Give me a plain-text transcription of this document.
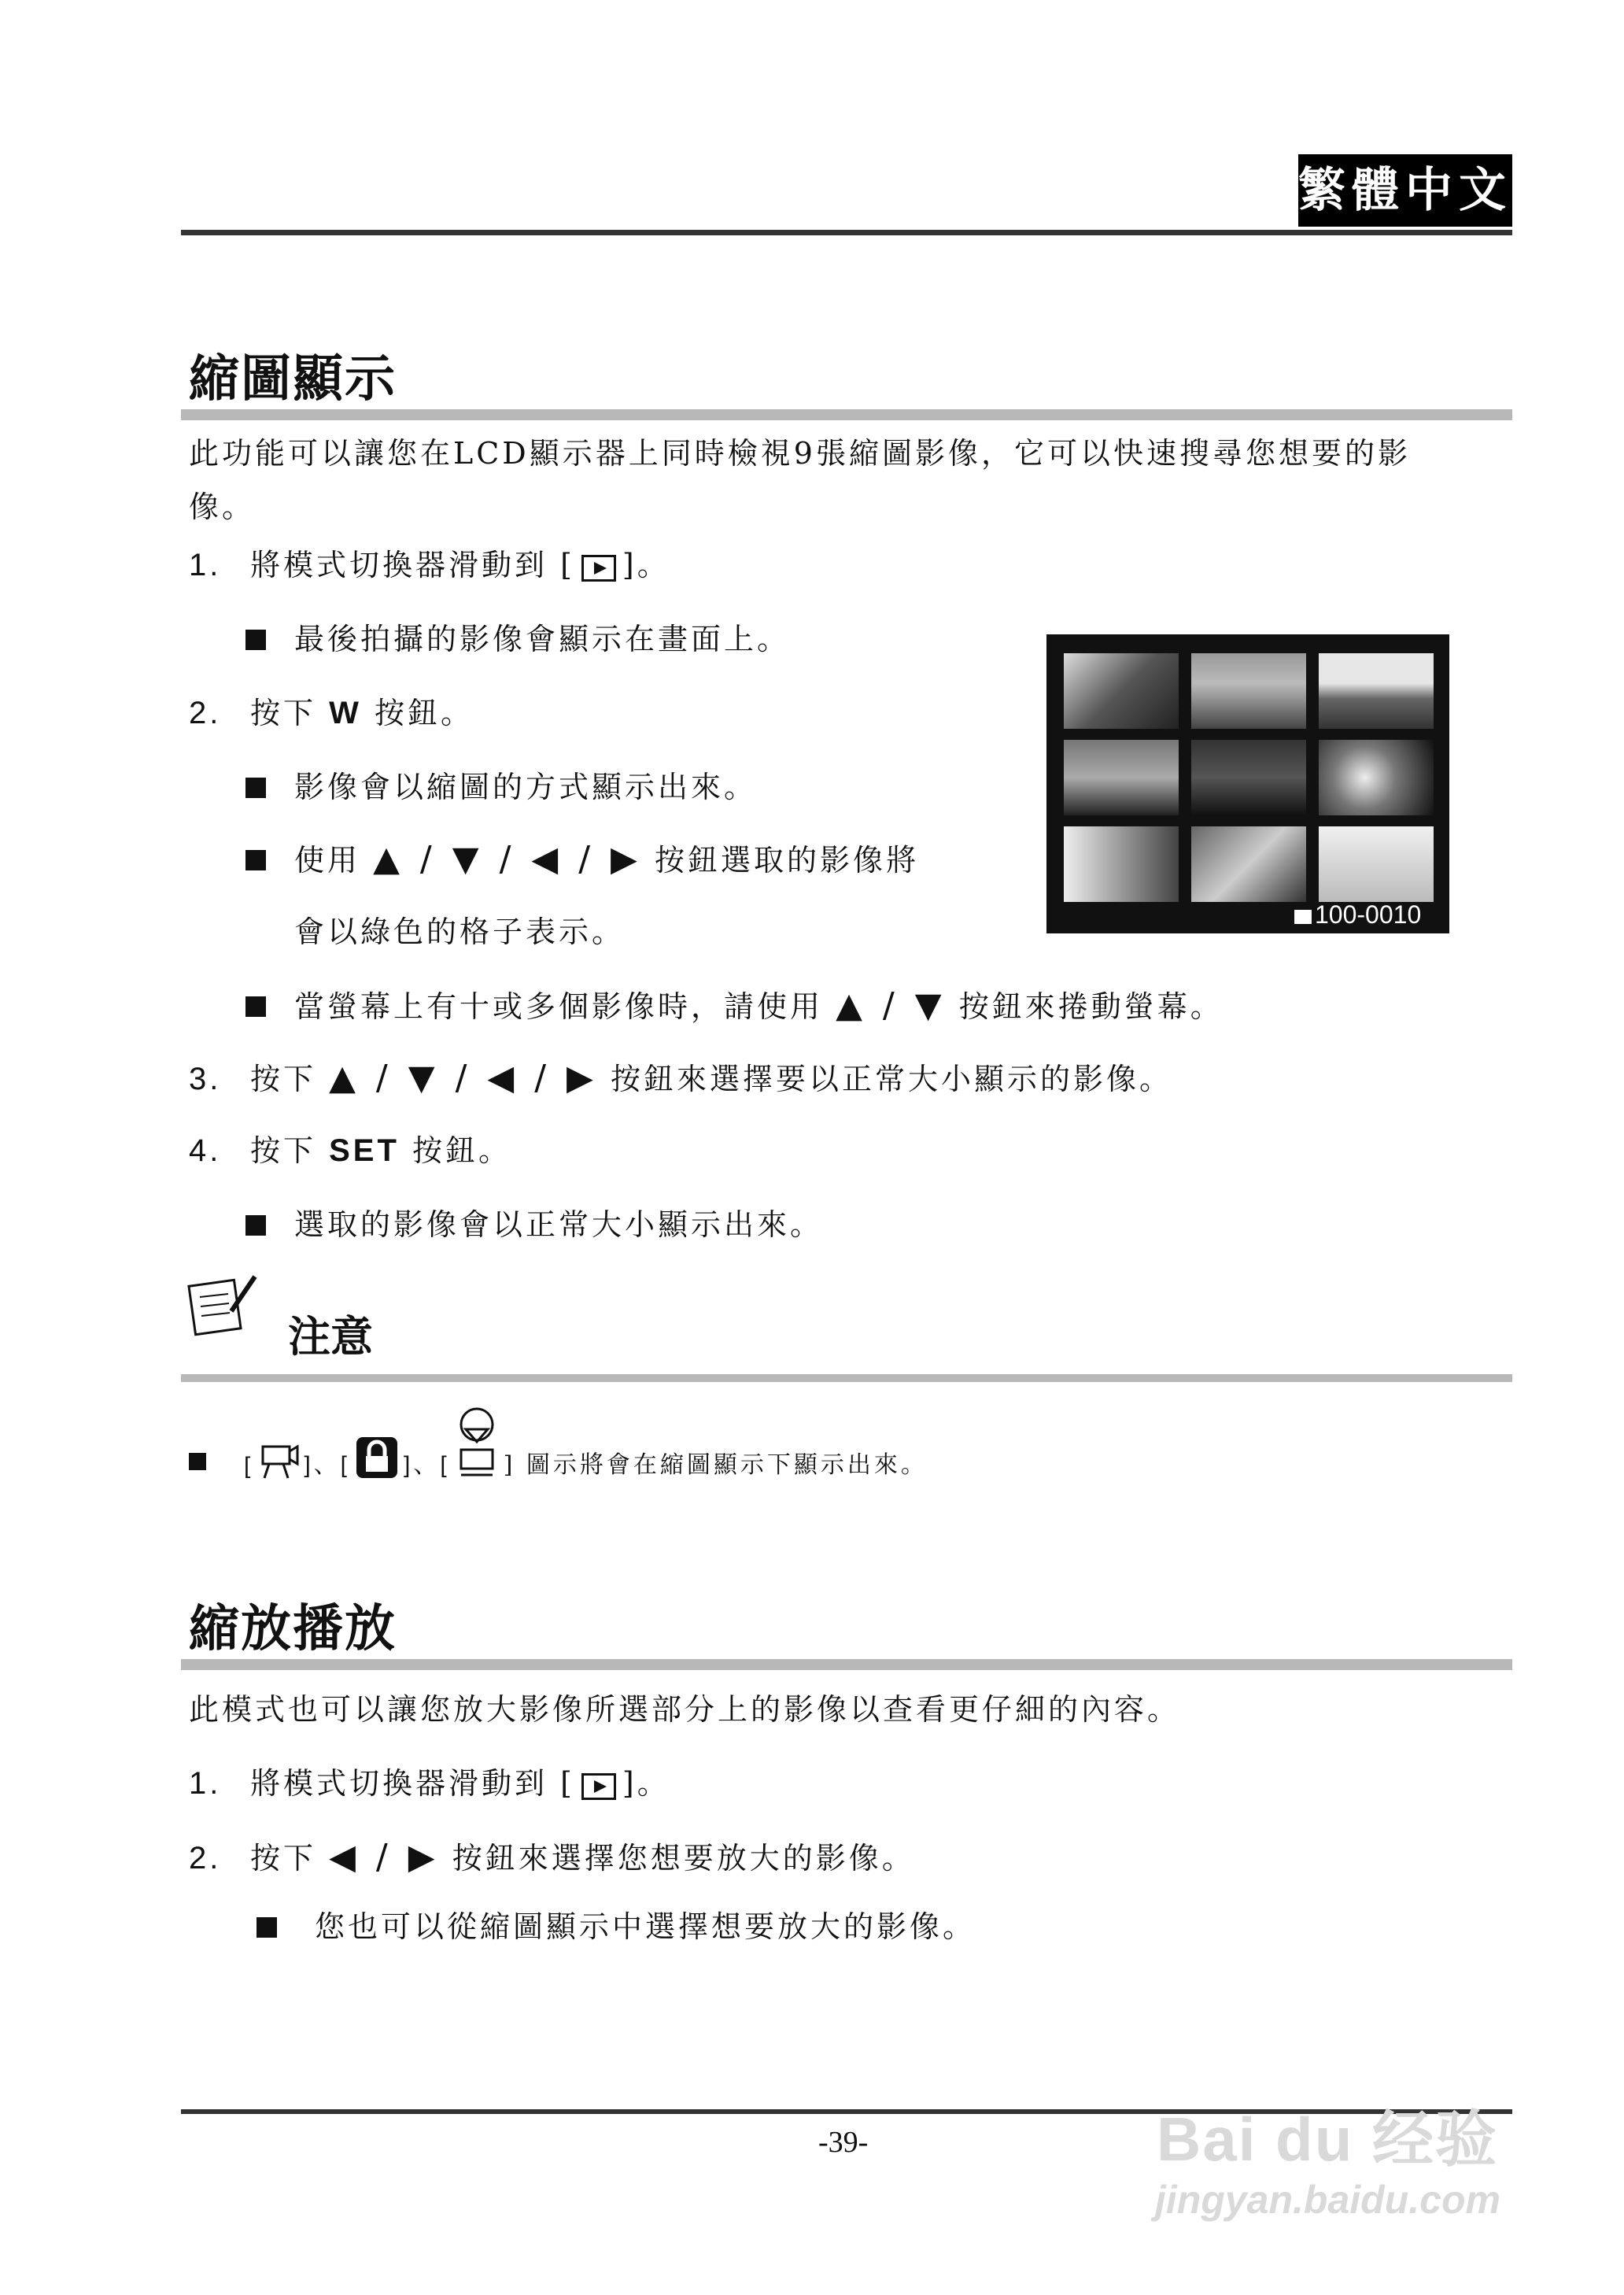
繁體中文
縮圖顯示
此功能可以讓您在LCD顯示器上同時檢視9張縮圖影像，它可以快速搜尋您想要的影
像。
1. 將模式切換器滑動到 [ ]。
最後拍攝的影像會顯示在畫面上。
2. 按下 W 按鈕。
影像會以縮圖的方式顯示出來。
使用 ▲ / ▼ / ◀ / ▶ 按鈕選取的影像將
會以綠色的格子表示。
當螢幕上有十或多個影像時，請使用 ▲ / ▼ 按鈕來捲動螢幕。
3. 按下 ▲ / ▼ / ◀ / ▶ 按鈕來選擇要以正常大小顯示的影像。
4. 按下 SET 按鈕。
選取的影像會以正常大小顯示出來。
100-0010
注意
[ ]、[ ]、[ ] 圖示將會在縮圖顯示下顯示出來。
縮放播放
此模式也可以讓您放大影像所選部分上的影像以查看更仔細的內容。
1. 將模式切換器滑動到 [ ]。
2. 按下 ◀ / ▶ 按鈕來選擇您想要放大的影像。
您也可以從縮圖顯示中選擇想要放大的影像。
-39-	Bai du 经验
jingyan.baidu.com
